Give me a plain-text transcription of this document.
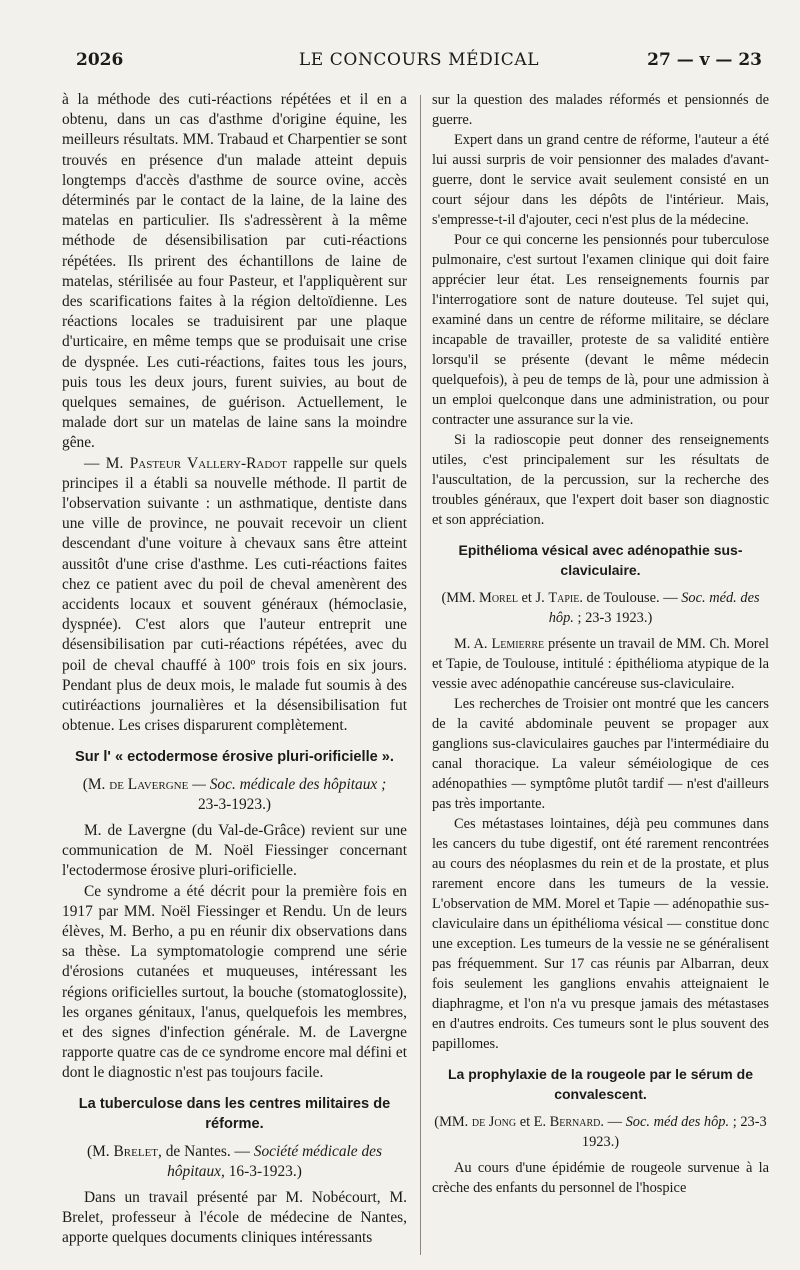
2026	LE CONCOURS MÉDICAL	27 — v — 23

à la méthode des cuti-réactions répétées et il en a obtenu, dans un cas d'asthme d'origine équine, les meilleurs résultats. MM. Trabaud et Charpentier se sont trouvés en présence d'un malade atteint depuis longtemps d'accès d'asthme de source ovine, accès déterminés par le contact de la laine, de la laine des matelas en particulier. Ils s'adressèrent à la même méthode de désensibilisation par cuti-réactions répétées. Ils prirent des échantillons de laine de matelas, stérilisée au four Pasteur, et l'appliquèrent sur des scarifications faites à la région deltoïdienne. Les réactions locales se traduisirent par une plaque d'urticaire, en même temps que se produisait une crise de dyspnée. Les cuti-réactions, faites tous les jours, puis tous les deux jours, furent suivies, au bout de quelques semaines, de guérison. Actuellement, le malade dort sur un matelas de laine sans la moindre gêne.

— M. Pasteur Vallery-Radot rappelle sur quels principes il a établi sa nouvelle méthode. Il partit de l'observation suivante : un asthmatique, dentiste dans une ville de province, ne pouvait recevoir un client descendant d'une voiture à chevaux sans être atteint aussitôt d'une crise d'asthme. Les cuti-réactions faites chez ce patient avec du poil de cheval amenèrent des accidents locaux et souvent généraux (hémoclasie, dyspnée). C'est alors que l'auteur entreprit une désensibilisation par cuti-réactions répétées, avec du poil de cheval chauffé à 100º trois fois en six jours. Pendant plus de deux mois, le malade fut soumis à des cutiréactions journalières et la désensibilisation fut obtenue. Les crises disparurent complètement.

Sur l' « ectodermose érosive pluri-orificielle ».

(M. de Lavergne — Soc. médicale des hôpitaux ;
23-3-1923.)

M. de Lavergne (du Val-de-Grâce) revient sur une communication de M. Noël Fiessinger concernant l'ectodermose érosive pluri-orificielle.

Ce syndrome a été décrit pour la première fois en 1917 par MM. Noël Fiessinger et Rendu. Un de leurs élèves, M. Berho, a pu en réunir dix observations dans sa thèse. La symptomatologie comprend une série d'érosions cutanées et muqueuses, intéressant les régions orificielles surtout, la bouche (stomatoglossite), les organes génitaux, l'anus, quelquefois les membres, et des signes d'infection générale. M. de Lavergne rapporte quatre cas de ce syndrome encore mal défini et dont le diagnostic n'est pas toujours facile.

La tuberculose dans les centres militaires de réforme.

(M. Brelet, de Nantes. — Société médicale des hôpitaux, 16-3-1923.)

Dans un travail présenté par M. Nobécourt, M. Brelet, professeur à l'école de médecine de Nantes, apporte quelques documents cliniques intéressants

sur la question des malades réformés et pensionnés de guerre.

Expert dans un grand centre de réforme, l'auteur a été lui aussi surpris de voir pensionner des malades d'avant-guerre, dont le service avait seulement consisté en un court séjour dans les dépôts de l'intérieur. Mais, s'empresse-t-il d'ajouter, ceci n'est plus de la médecine.

Pour ce qui concerne les pensionnés pour tuberculose pulmonaire, c'est surtout l'examen clinique qui doit faire apprécier leur état. Les renseignements fournis par l'interrogatiore sont de nature douteuse. Tel sujet qui, examiné dans un centre de réforme militaire, se déclare incapable de travailler, proteste de sa validité entière lorsqu'il se présente (devant le même médecin quelquefois), à peu de temps de là, pour une admission à un emploi quelconque dans une administration, ou pour contracter une assurance sur la vie.

Si la radioscopie peut donner des renseignements utiles, c'est principalement sur les résultats de l'auscultation, de la percussion, sur la recherche des troubles généraux, que l'expert doit baser son diagnostic et son appréciation.

Epithélioma vésical avec adénopathie sus-claviculaire.

(MM. Morel et J. Tapie. de Toulouse. — Soc. méd. des hôp. ; 23-3 1923.)

M. A. Lemierre présente un travail de MM. Ch. Morel et Tapie, de Toulouse, intitulé : épithélioma atypique de la vessie avec adénopathie cancéreuse sus-claviculaire.

Les recherches de Troisier ont montré que les cancers de la cavité abdominale peuvent se propager aux ganglions sus-claviculaires gauches par l'intermédiaire du canal thoracique. La valeur séméiologique de ces adénopathies — symptôme plutôt tardif — n'est d'ailleurs pas très importante.

Ces métastases lointaines, déjà peu communes dans les cancers du tube digestif, ont été rarement rencontrées au cours des néoplasmes du rein et de la prostate, et plus rarement encore dans les tumeurs de la vessie. L'observation de MM. Morel et Tapie — adénopathie sus-claviculaire dans un épithélioma vésical — constitue donc une exception. Les tumeurs de la vessie ne se généralisent pas fréquemment. Sur 17 cas réunis par Albarran, deux fois seulement les ganglions envahis atteignaient le diaphragme, et l'on n'a vu presque jamais des métastases en d'autres endroits. Ces tumeurs sont le plus souvent des papillomes.

La prophylaxie de la rougeole par le sérum de convalescent.

(MM. de Jong et E. Bernard. — Soc. méd des hôp. ; 23-3 1923.)

Au cours d'une épidémie de rougeole survenue à la crèche des enfants du personnel de l'hospice
